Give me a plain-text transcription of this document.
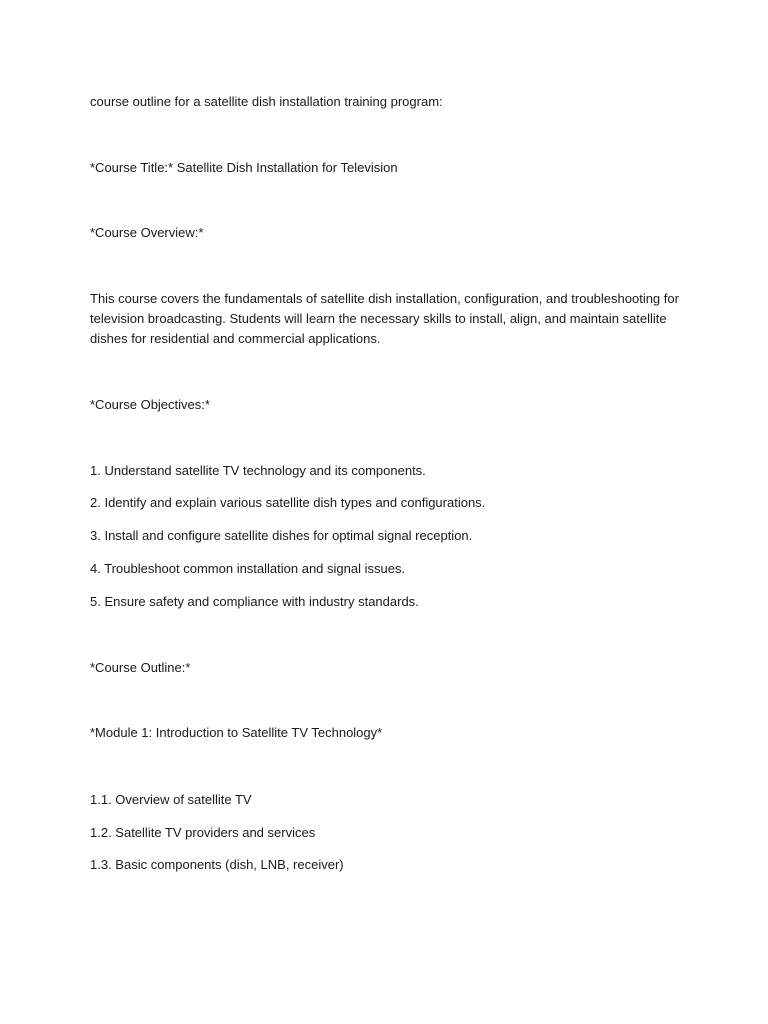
course outline for a satellite dish installation training program:
*Course Title:* Satellite Dish Installation for Television
*Course Overview:*
This course covers the fundamentals of satellite dish installation, configuration, and troubleshooting for television broadcasting. Students will learn the necessary skills to install, align, and maintain satellite dishes for residential and commercial applications.
*Course Objectives:*
1. Understand satellite TV technology and its components.
2. Identify and explain various satellite dish types and configurations.
3. Install and configure satellite dishes for optimal signal reception.
4. Troubleshoot common installation and signal issues.
5. Ensure safety and compliance with industry standards.
*Course Outline:*
*Module 1: Introduction to Satellite TV Technology*
1.1. Overview of satellite TV
1.2. Satellite TV providers and services
1.3. Basic components (dish, LNB, receiver)
